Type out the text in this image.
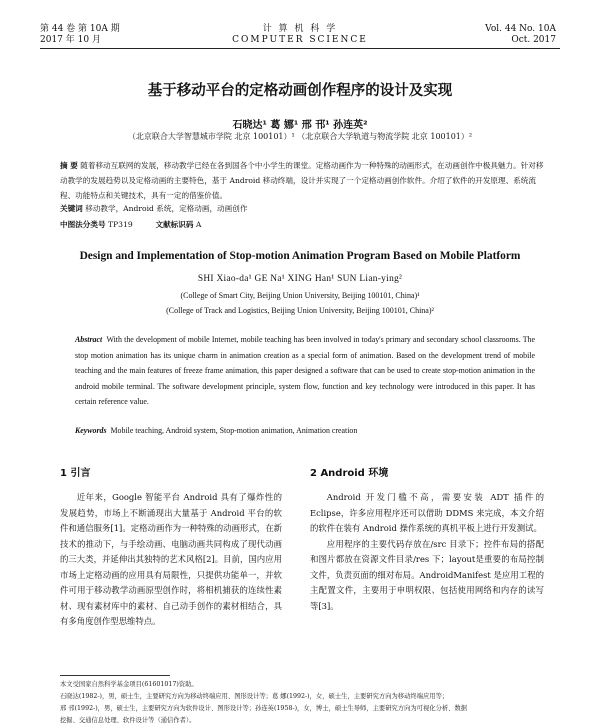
第 44 卷 第 10A 期
2017 年 10 月
计 算 机 科 学
COMPUTER SCIENCE
Vol. 44 No. 10A
Oct. 2017
基于移动平台的定格动画创作程序的设计及实现
石晓达¹ 葛 娜¹ 邢 邗¹ 孙连英²
（北京联合大学智慧城市学院 北京 100101）¹ （北京联合大学轨道与物流学院 北京 100101）²
摘 要 随着移动互联网的发展，移动教学已经在各到国各个中小学生的课堂。定格动画作为一种特殊的动画形式，在动画创作中极具魅力。针对移动教学的发展趋势以及定格动画的主要特色，基于 Android 移动终端，设计并实现了一个定格动画创作软件。介绍了软件的开发原理、系统流程、功能特点和关键技术，具有一定的借鉴价值。
关键词 移动教学，Android 系统，定格动画，动画创作
中图法分类号 TP319	文献标识码 A
Design and Implementation of Stop-motion Animation Program Based on Mobile Platform
SHI Xiao-da¹ GE Na¹ XING Han¹ SUN Lian-ying²
(College of Smart City, Beijing Union University, Beijing 100101, China)¹
(College of Track and Logistics, Beijing Union University, Beijing 100101, China)²
Abstract With the development of mobile Internet, mobile teaching has been involved in today's primary and secondary school classrooms. The stop motion animation has its unique charm in animation creation as a special form of animation. Based on the development trend of mobile teaching and the main features of freeze frame animation, this paper designed a software that can be used to create stop-motion animation in the android mobile terminal. The software development principle, system flow, function and key technology were introduced in this paper. It has certain reference value.
Keywords Mobile teaching, Android system, Stop-motion animation, Animation creation
1 引言	2 Android 环境
近年来，Google 智能平台 Android 具有了爆炸性的发展趋势，市场上不断涌现出大量基于 Android 平台的软件和通信服务[1]。定格动画作为一种特殊的动画形式，在新技术的推动下，与手绘动画、电脑动画共同构成了现代动画的三大类，并延伸出其独特的艺术风格[2]。目前，国内应用市场上定格动画的应用具有局限性，只提供功能单一，并软件可用于移动教学动画原型创作时，将相机捕获的连续性素材、现有素材库中的素材、自己动手创作的素材相结合，具有多角度创作型思维特点。

Android 开发门槛不高，需要安装 ADT 插件的 Eclipse，许多应用程序还可以借助 DDMS 来完成，本文介绍的软件在装有 Android 操作系统的真机平板上进行开发测试。

应用程序的主要代码存放在/src 目录下；控件布局的搭配和图片都放在资源文件目录/res 下；layout是重要的布局控制文件，负责页面的细对布局。AndroidManifest 是应用工程的主配置文件，主要用于申明权限、包括使用网络和内存的读写等[3]。

本文受国家自然科学基金项目(61601017)资助。
石晓达(1982-)，男，硕士生，主要研究方向为移动终端应用、图形设计等；葛 娜(1992-)，女，硕士生，主要研究方向为移动终端应用等；
邢 邗(1992-)，男，硕士生，主要研究方向为软件设计、图形设计等；孙连英(1958-)，女，博士，硕士生导师，主要研究方向为可视化分析、数据
挖掘、交通信息处理、软件设计等（通信作者）。
